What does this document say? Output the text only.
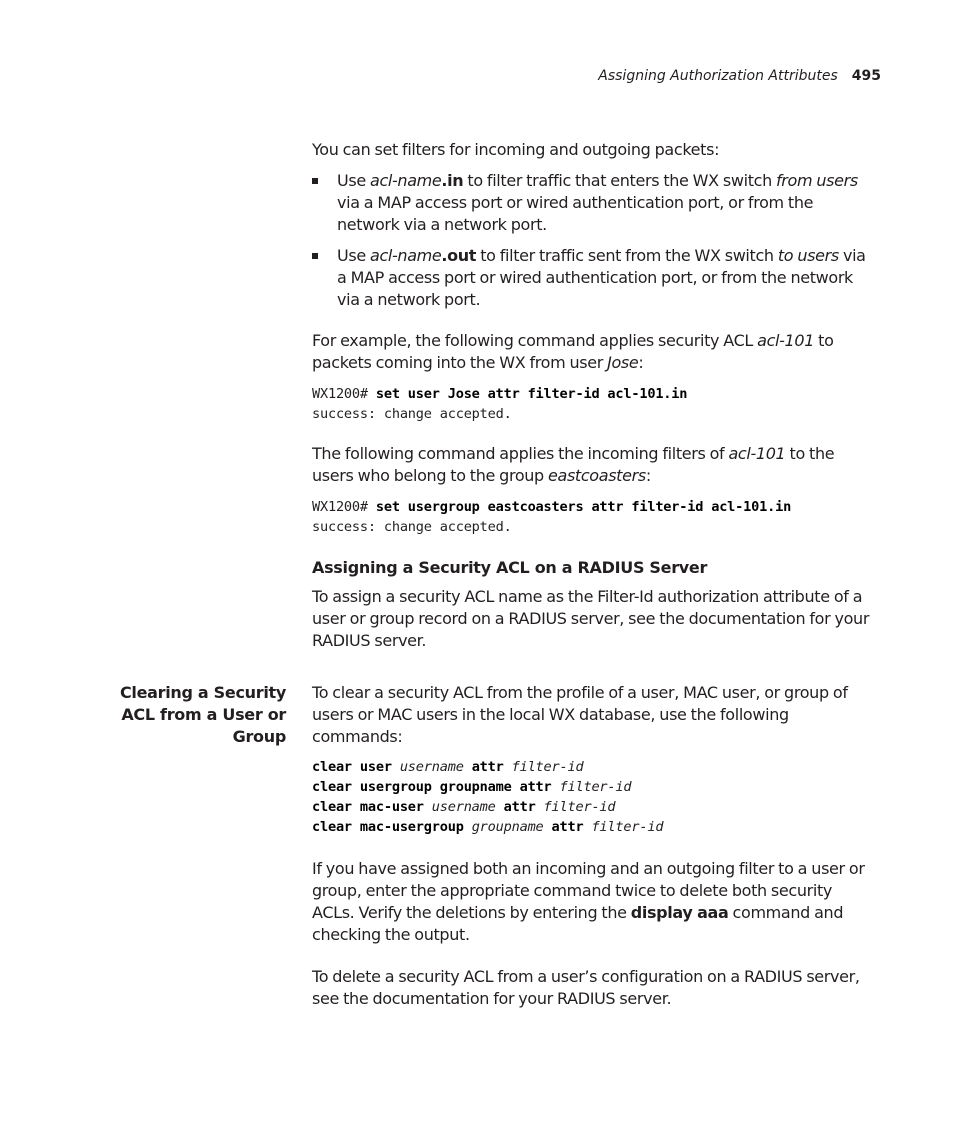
Assigning Authorization Attributes 495

You can set filters for incoming and outgoing packets:

Use acl-name.in to filter traffic that enters the WX switch from users
via a MAP access port or wired authentication port, or from the
network via a network port.
Use acl-name.out to filter traffic sent from the WX switch to users via
a MAP access port or wired authentication port, or from the network
via a network port.

For example, the following command applies security ACL acl-101 to

packets coming into the WX from user Jose:

WX1200# set user Jose attr filter-id acl-101.in
success: change accepted.

The following command applies the incoming filters of acl-101 to the

users who belong to the group eastcoasters:

WX1200# set usergroup eastcoasters attr filter-id acl-101.in
success: change accepted.
Assigning a Security ACL on a RADIUS Server

To assign a security ACL name as the Filter-Id authorization attribute of a

user or group record on a RADIUS server, see the documentation for your

RADIUS server.

Clearing a Security
ACL from a User or
Group

To clear a security ACL from the profile of a user, MAC user, or group of

users or MAC users in the local WX database, use the following

commands:

clear user username attr filter-id
clear usergroup groupname attr filter-id
clear mac-user username attr filter-id
clear mac-usergroup groupname attr filter-id

If you have assigned both an incoming and an outgoing filter to a user or

group, enter the appropriate command twice to delete both security

ACLs. Verify the deletions by entering the display aaa command and

checking the output.

To delete a security ACL from a user’s configuration on a RADIUS server,

see the documentation for your RADIUS server.
